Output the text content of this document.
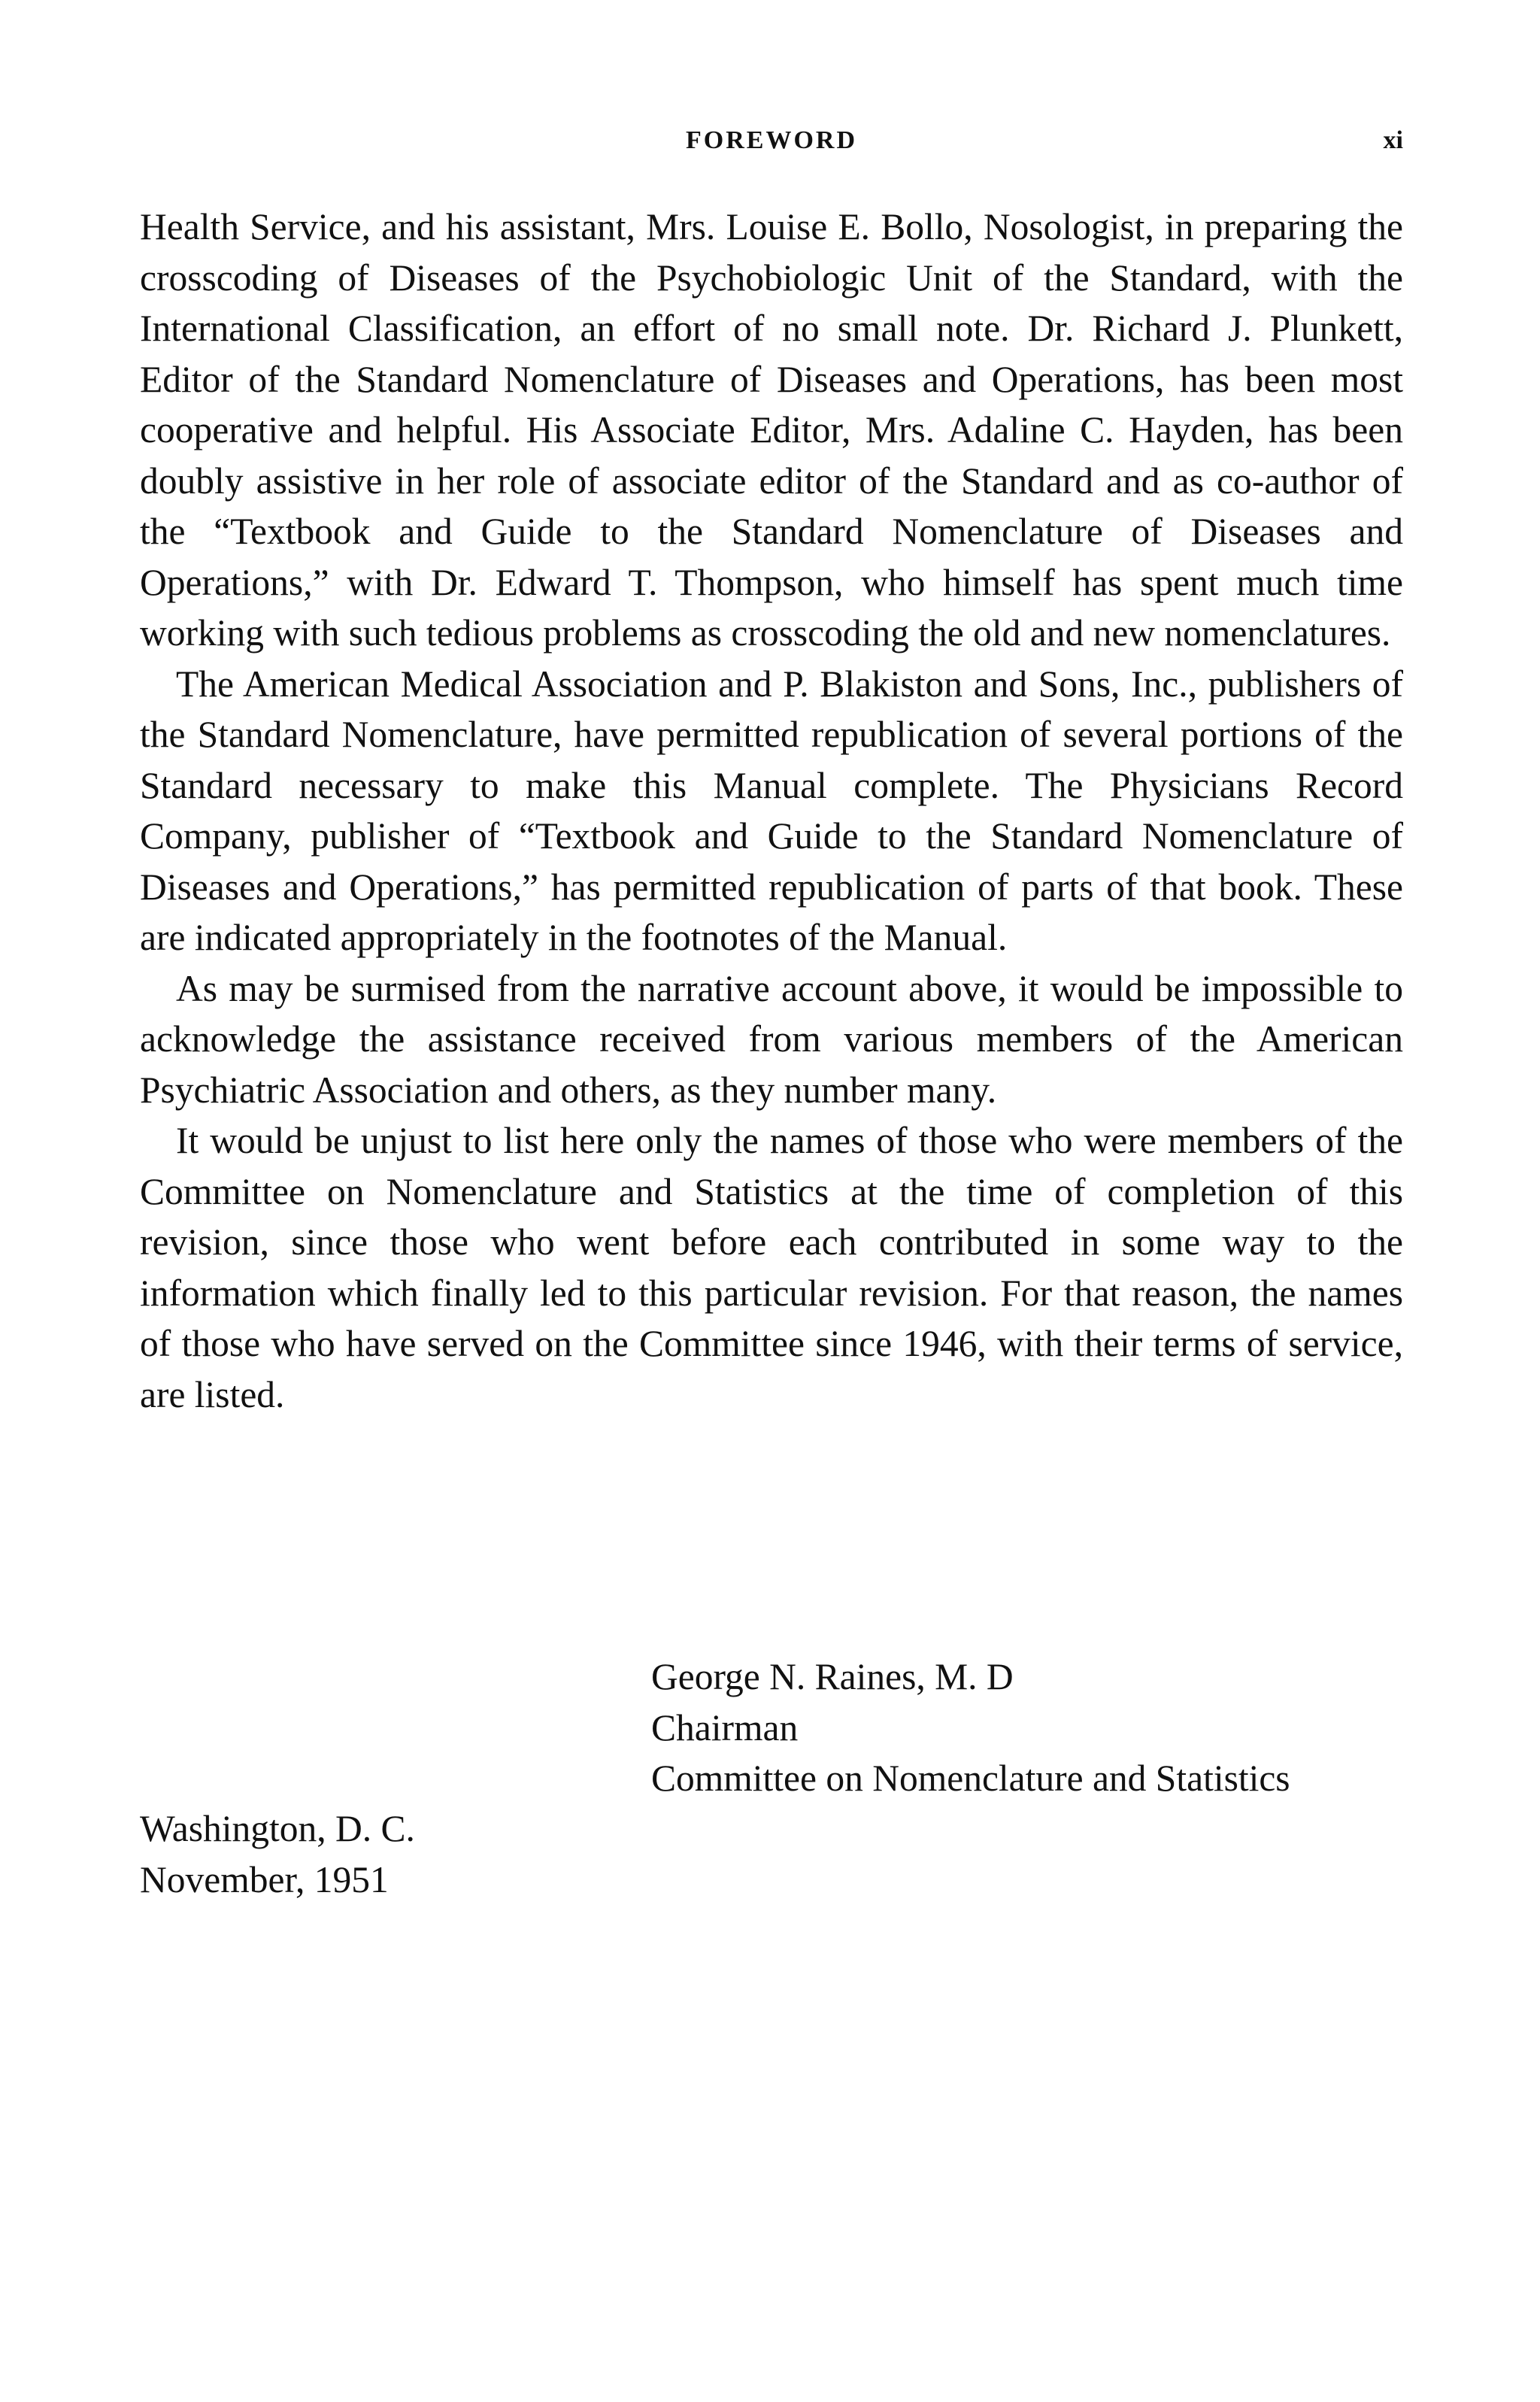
FOREWORD	xi

Health Service, and his assistant, Mrs. Louise E. Bollo, Nosologist, in preparing the crosscoding of Diseases of the Psychobiologic Unit of the Standard, with the International Classification, an effort of no small note. Dr. Richard J. Plunkett, Editor of the Standard Nomenclature of Diseases and Operations, has been most cooperative and helpful. His Associate Editor, Mrs. Adaline C. Hayden, has been doubly assistive in her role of associate editor of the Standard and as co-author of the “Textbook and Guide to the Standard Nomenclature of Diseases and Operations,” with Dr. Edward T. Thompson, who himself has spent much time working with such tedious problems as crosscoding the old and new nomenclatures.

The American Medical Association and P. Blakiston and Sons, Inc., publishers of the Standard Nomenclature, have permitted republication of several portions of the Standard necessary to make this Manual complete. The Physicians Record Company, publisher of “Textbook and Guide to the Standard Nomenclature of Diseases and Operations,” has permitted republication of parts of that book. These are indicated appropriately in the footnotes of the Manual.

As may be surmised from the narrative account above, it would be impossible to acknowledge the assistance received from various members of the American Psychiatric Association and others, as they number many.

It would be unjust to list here only the names of those who were members of the Committee on Nomenclature and Statistics at the time of completion of this revision, since those who went before each contributed in some way to the information which finally led to this particular revision. For that reason, the names of those who have served on the Committee since 1946, with their terms of service, are listed.

George N. Raines, M. D
Chairman
Committee on Nomenclature and Statistics
Washington, D. C.
November, 1951
